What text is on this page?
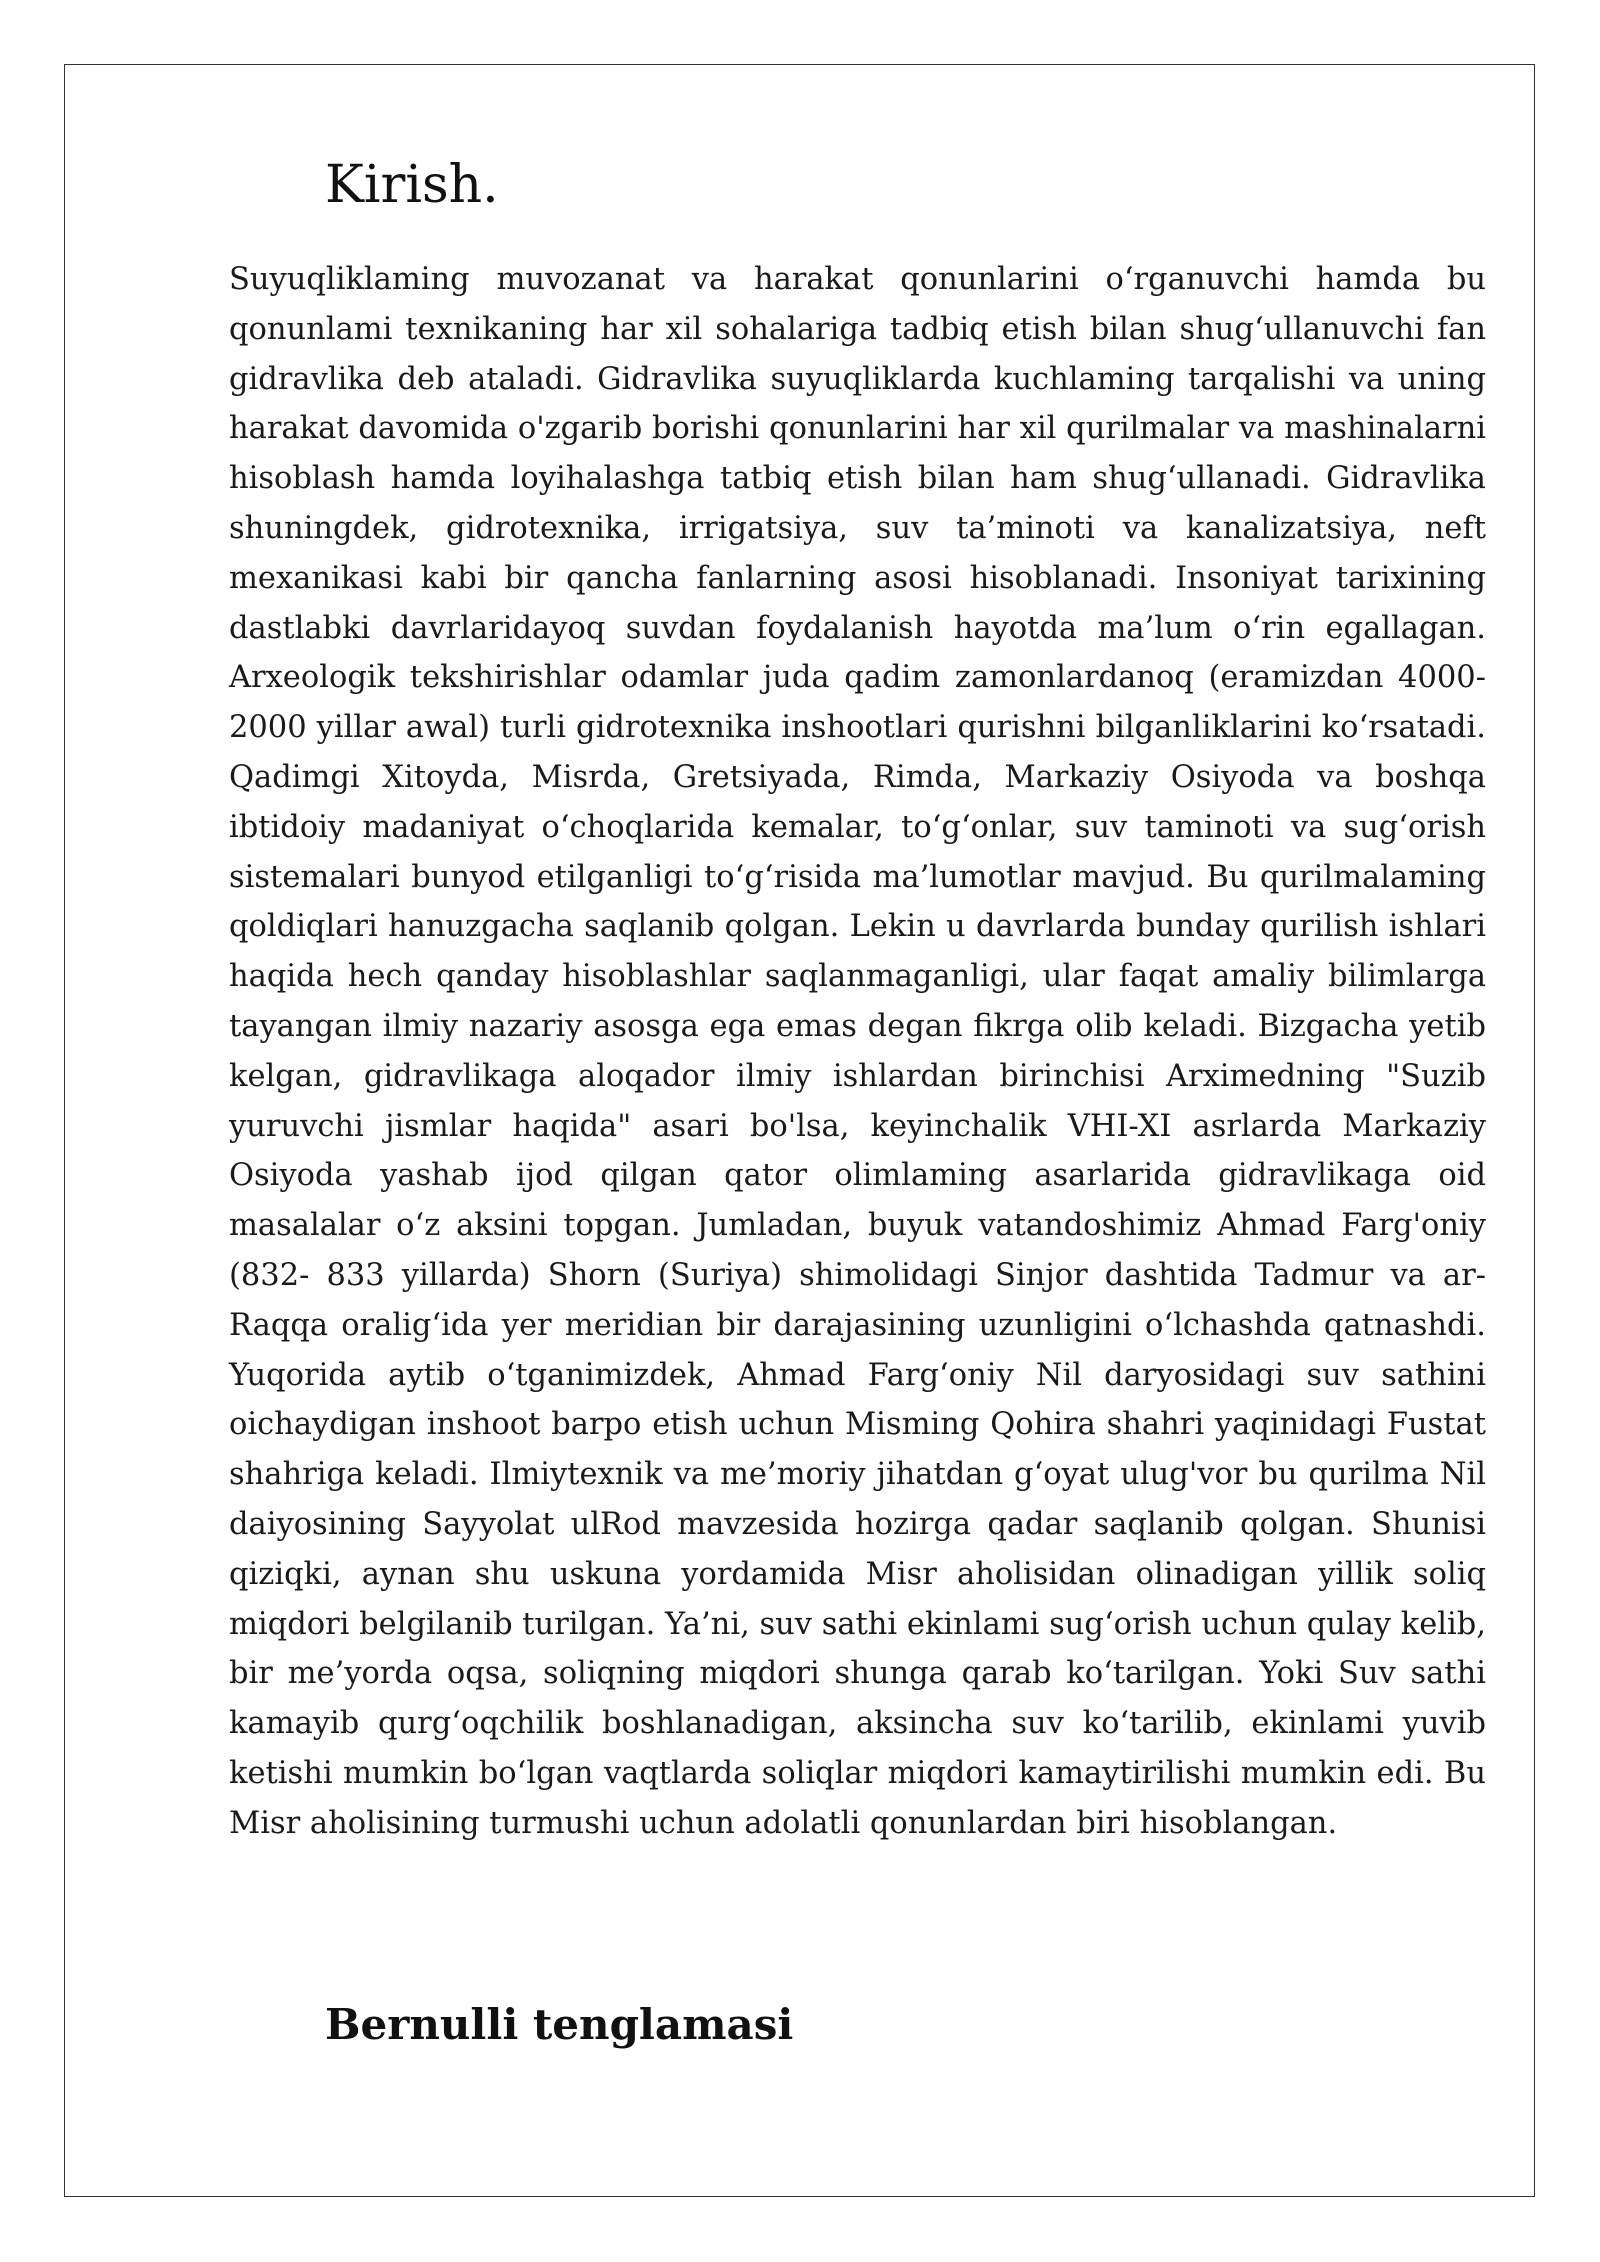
Kirish.

Suyuqliklaming muvozanat va harakat qonunlarini o‘rganuvchi hamda bu qonunlami texnikaning har xil sohalariga tadbiq etish bilan shug‘ullanuvchi fan gidravlika deb ataladi. Gidravlika suyuqliklarda kuchlaming tarqalishi va uning harakat davomida o'zgarib borishi qonunlarini har xil qurilmalar va mashinalarni hisoblash hamda loyihalashga tatbiq etish bilan ham shug‘ullanadi. Gidravlika shuningdek, gidrotexnika, irrigatsiya, suv ta’minoti va kanalizatsiya, neft mexanikasi kabi bir qancha fanlarning asosi hisoblanadi. Insoniyat tarixining dastlabki davrlaridayoq suvdan foydalanish hayotda ma’lum o‘rin egallagan. Arxeologik tekshirishlar odamlar juda qadim zamonlardanoq (eramizdan 4000-2000 yillar awal) turli gidrotexnika inshootlari qurishni bilganliklarini ko‘rsatadi. Qadimgi Xitoyda, Misrda, Gretsiyada, Rimda, Markaziy Osiyoda va boshqa ibtidoiy madaniyat o‘choqlarida kemalar, to‘g‘onlar, suv taminoti va sug‘orish sistemalari bunyod etilganligi to‘g‘risida ma’lumotlar mavjud. Bu qurilmalaming qoldiqlari hanuzgacha saqlanib qolgan. Lekin u davrlarda bunday qurilish ishlari haqida hech qanday hisoblashlar saqlanmaganligi, ular faqat amaliy bilimlarga tayangan ilmiy nazariy asosga ega emas degan fikrga olib keladi. Bizgacha yetib kelgan, gidravlikaga aloqador ilmiy ishlardan birinchisi Arximedning "Suzib yuruvchi jismlar haqida" asari bo'lsa, keyinchalik VHI-XI asrlarda Markaziy Osiyoda yashab ijod qilgan qator olimlaming asarlarida gidravlikaga oid masalalar o‘z aksini topgan. Jumladan, buyuk vatandoshimiz Ahmad Farg'oniy (832- 833 yillarda) Shorn (Suriya) shimolidagi Sinjor dashtida Tadmur va ar-Raqqa oralig‘ida yer meridian bir darajasining uzunligini o‘lchashda qatnashdi. Yuqorida aytib o‘tganimizdek, Ahmad Farg‘oniy Nil daryosidagi suv sathini oichaydigan inshoot barpo etish uchun Misming Qohira shahri yaqinidagi Fustat shahriga keladi. Ilmiytexnik va me’moriy jihatdan g‘oyat ulug'vor bu qurilma Nil daiyosining Sayyolat ulRod mavzesida hozirga qadar saqlanib qolgan. Shunisi qiziqki, aynan shu uskuna yordamida Misr aholisidan olinadigan yillik soliq miqdori belgilanib turilgan. Ya’ni, suv sathi ekinlami sug‘orish uchun qulay kelib, bir me’yorda oqsa, soliqning miqdori shunga qarab ko‘tarilgan. Yoki Suv sathi kamayib qurg‘oqchilik boshlanadigan, aksincha suv ko‘tarilib, ekinlami yuvib ketishi mumkin bo‘lgan vaqtlarda soliqlar miqdori kamaytirilishi mumkin edi. Bu Misr aholisining turmushi uchun adolatli qonunlardan biri hisoblangan.

Bernulli tenglamasi
